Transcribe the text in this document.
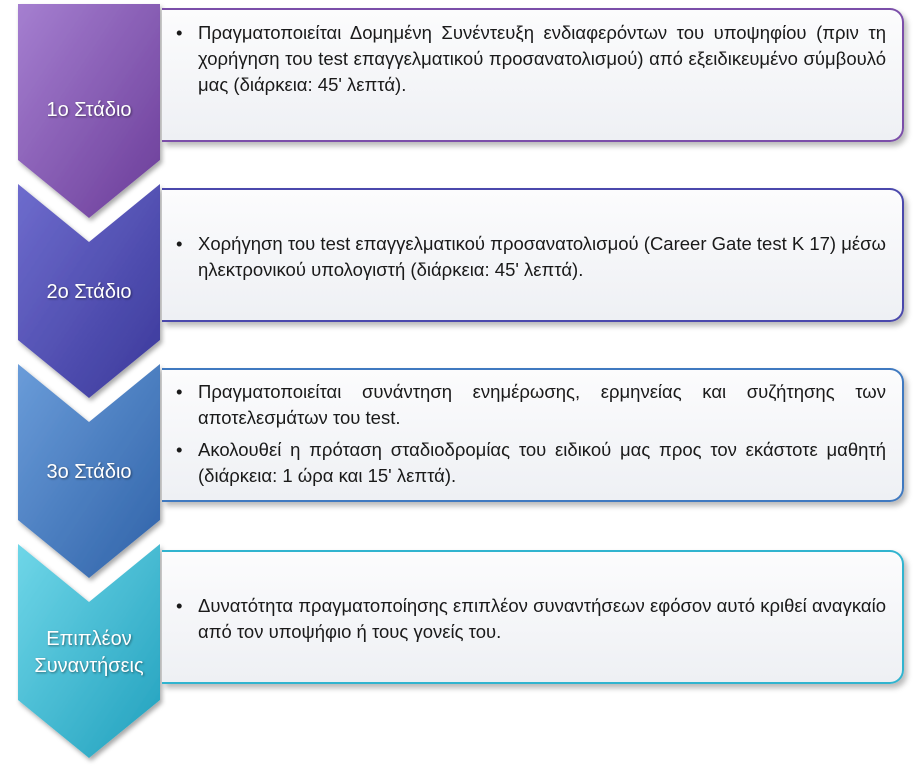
1ο Στάδιο
2ο Στάδιο
3ο Στάδιο
Επιπλέον Συναντήσεις
• Πραγματοποιείται Δομημένη Συνέντευξη ενδιαφερόντων του υποψηφίου (πριν τη χορήγηση του test επαγγελματικού προσανατολισμού) από εξειδικευμένο σύμβουλό μας (διάρκεια: 45' λεπτά).
• Χορήγηση του test επαγγελματικού προσανατολισμού (Career Gate test K 17) μέσω ηλεκτρονικού υπολογιστή (διάρκεια: 45' λεπτά).
• Πραγματοποιείται συνάντηση ενημέρωσης, ερμηνείας και συζήτησης των αποτελεσμάτων του test.
• Ακολουθεί η πρόταση σταδιοδρομίας του ειδικού μας προς τον εκάστοτε μαθητή (διάρκεια: 1 ώρα και 15' λεπτά).
• Δυνατότητα πραγματοποίησης επιπλέον συναντήσεων εφόσον αυτό κριθεί αναγκαίο από τον υποψήφιο ή τους γονείς του.
